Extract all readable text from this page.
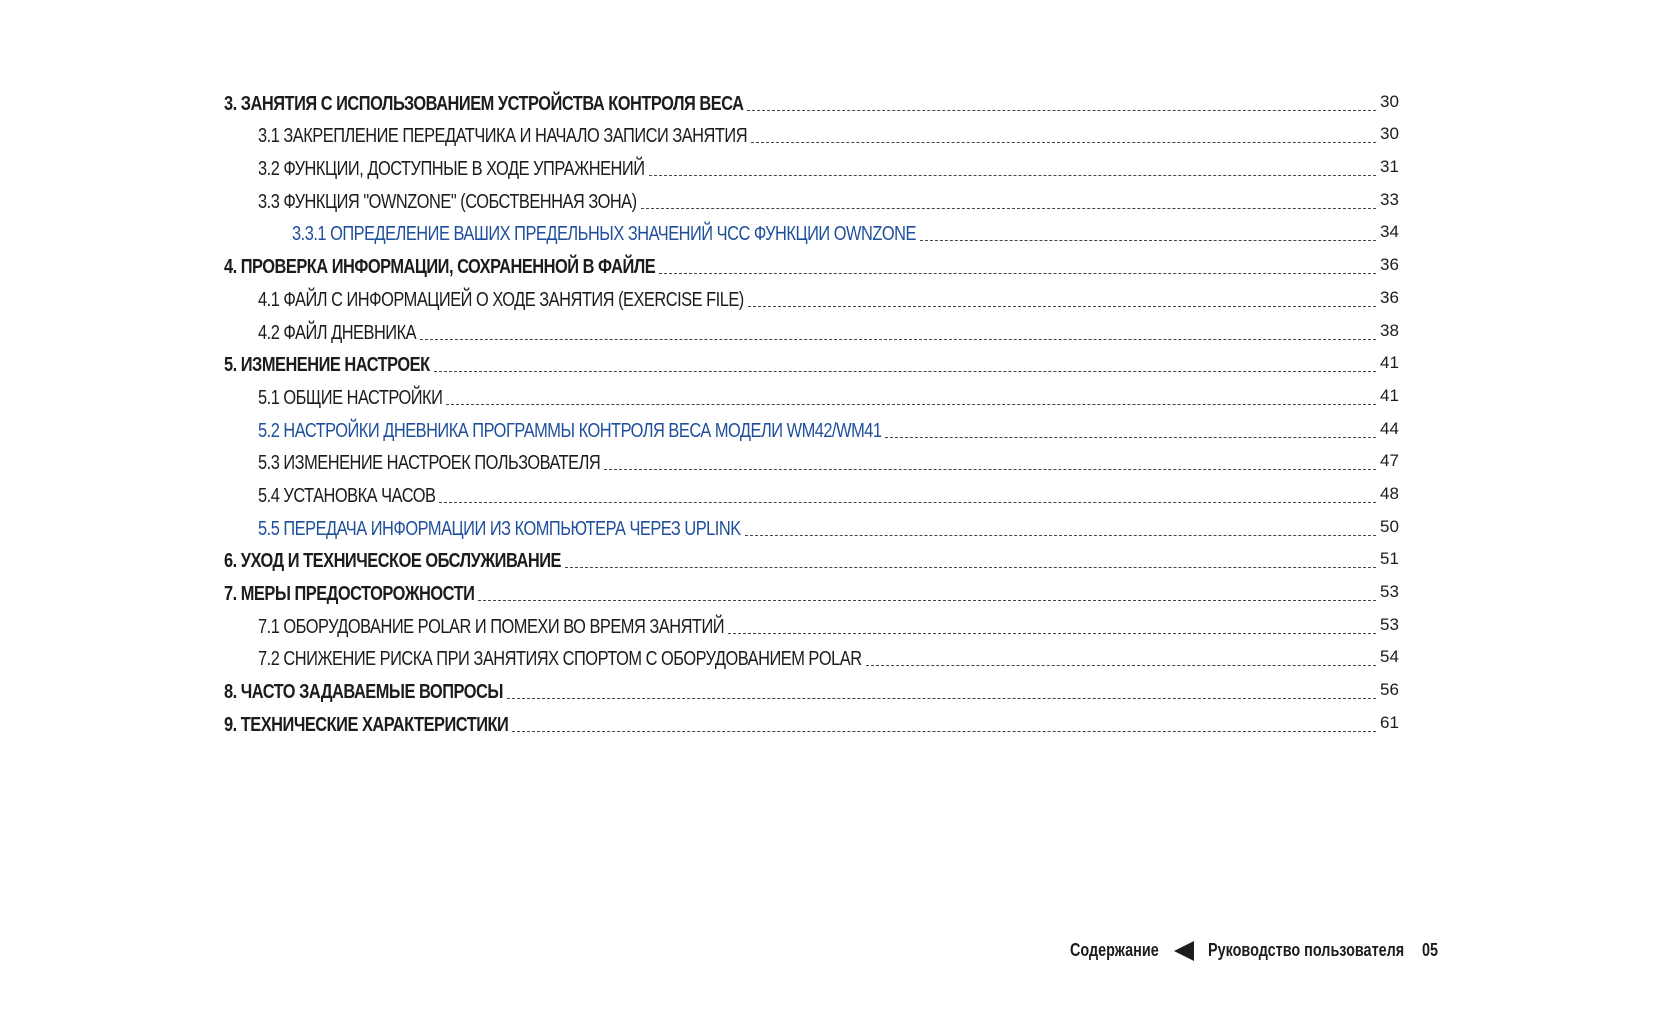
3. ЗАНЯТИЯ С ИСПОЛЬЗОВАНИЕМ УСТРОЙСТВА КОНТРОЛЯ ВЕСА	30
3.1 ЗАКРЕПЛЕНИЕ ПЕРЕДАТЧИКА И НАЧАЛО ЗАПИСИ ЗАНЯТИЯ	30
3.2 ФУНКЦИИ, ДОСТУПНЫЕ В ХОДЕ УПРАЖНЕНИЙ	31
3.3 ФУНКЦИЯ "OWNZONE" (СОБСТВЕННАЯ ЗОНА)	33
3.3.1 ОПРЕДЕЛЕНИЕ ВАШИХ ПРЕДЕЛЬНЫХ ЗНАЧЕНИЙ ЧСС ФУНКЦИИ OWNZONE	34
4. ПРОВЕРКА ИНФОРМАЦИИ, СОХРАНЕННОЙ В ФАЙЛЕ	36
4.1 ФАЙЛ С ИНФОРМАЦИЕЙ О ХОДЕ ЗАНЯТИЯ (EXERCISE FILE)	36
4.2 ФАЙЛ ДНЕВНИКА	38
5. ИЗМЕНЕНИЕ НАСТРОЕК	41
5.1 ОБЩИЕ НАСТРОЙКИ	41
5.2 НАСТРОЙКИ ДНЕВНИКА ПРОГРАММЫ КОНТРОЛЯ ВЕСА МОДЕЛИ WM42/WM41	44
5.3 ИЗМЕНЕНИЕ НАСТРОЕК ПОЛЬЗОВАТЕЛЯ	47
5.4 УСТАНОВКА ЧАСОВ	48
5.5 ПЕРЕДАЧА ИНФОРМАЦИИ ИЗ КОМПЬЮТЕРА ЧЕРЕЗ UPLINK	50
6. УХОД И ТЕХНИЧЕСКОЕ ОБСЛУЖИВАНИЕ	51
7. МЕРЫ ПРЕДОСТОРОЖНОСТИ	53
7.1 ОБОРУДОВАНИЕ POLAR И ПОМЕХИ ВО ВРЕМЯ ЗАНЯТИЙ	53
7.2 СНИЖЕНИЕ РИСКА ПРИ ЗАНЯТИЯХ СПОРТОМ С ОБОРУДОВАНИЕМ POLAR	54
8. ЧАСТО ЗАДАВАЕМЫЕ ВОПРОСЫ	56
9. ТЕХНИЧЕСКИЕ ХАРАКТЕРИСТИКИ	61
Содержание	Руководство пользователя 05
